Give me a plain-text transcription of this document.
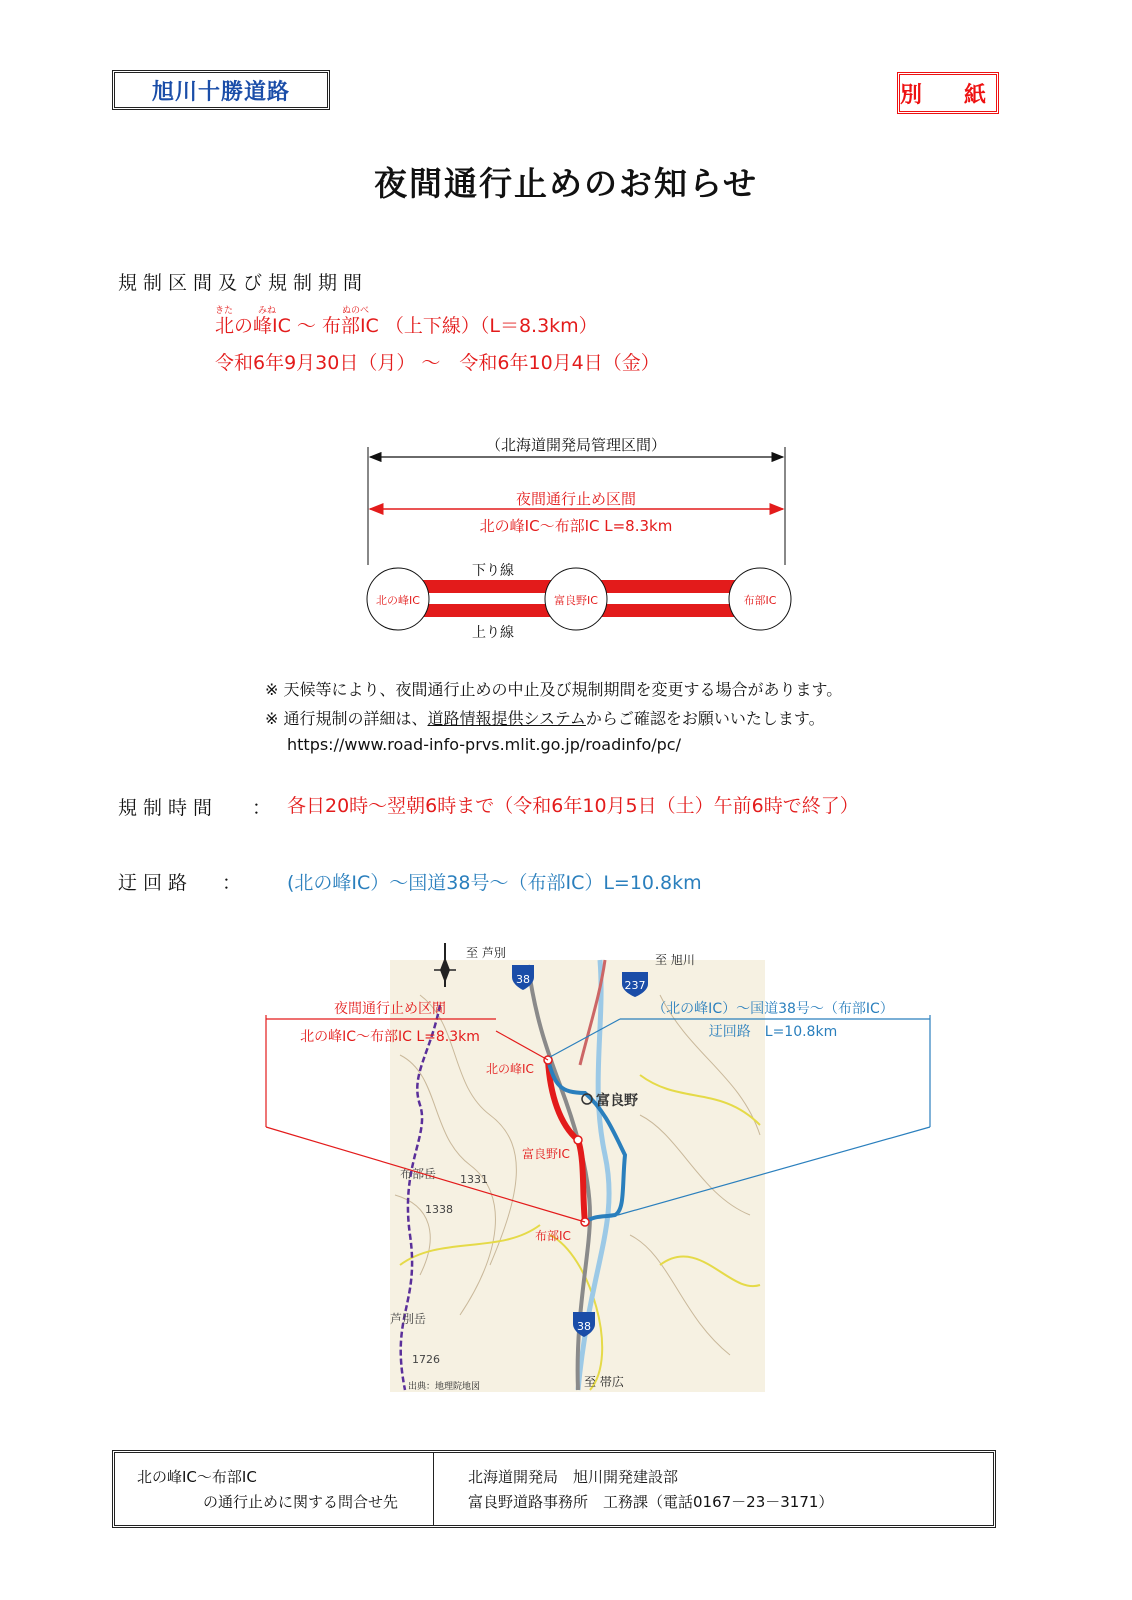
旭川十勝道路	別　紙
夜間通行止めのお知らせ
規制区間及び規制期間
きた	みね	ぬのべ
北の峰IC ～ 布部IC （上下線）（L＝8.3km）
令和6年9月30日（月） ～　令和6年10月4日（金）
（北海道開発局管理区間）
夜間通行止め区間
北の峰IC～布部IC L=8.3km
下り線
上り線
北の峰IC	富良野IC	布部IC
※ 天候等により、夜間通行止めの中止及び規制期間を変更する場合があります。
※ 通行規制の詳細は、道路情報提供システムからご確認をお願いいたします。
https://www.road-info-prvs.mlit.go.jp/roadinfo/pc/
規制時間 ： 各日20時～翌朝6時まで（令和6年10月5日（土）午前6時で終了）
迂回路 ： (北の峰IC）～国道38号～（布部IC）L=10.8km
北の峰IC
富良野IC
布部IC
富良野
布部岳 1331
1338
芦別岳
1726
出典：地理院地図
至 芦別	至 旭川
至 帯広
38	237
38
夜間通行止め区間
北の峰IC～布部IC L=8.3km
（北の峰IC）～国道38号～（布部IC）
迂回路　L=10.8km
北の峰IC～布部IC
の通行止めに関する問合せ先
北海道開発局　旭川開発建設部
富良野道路事務所　工務課（電話0167－23－3171）
